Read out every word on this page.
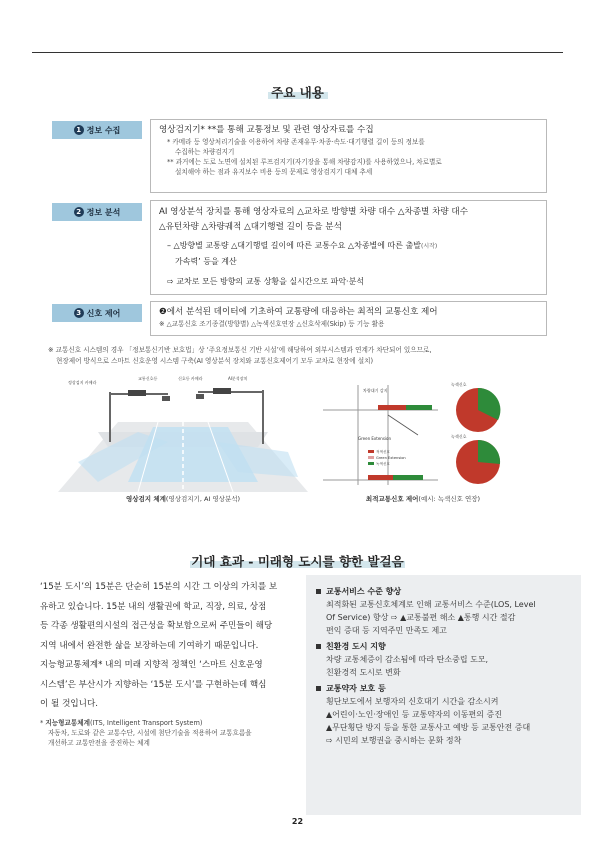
주요 내용
1 정보 수집	영상검지기* **를 통해 교통정보 및 관련 영상자료를 수집
* 카메라 등 영상처리기술을 이용하여 차량 존재유무·차종·속도·대기행렬 길이 등의 정보를
수집하는 차량검지기
** 과거에는 도로 노면에 설치된 루프검지기(자기장을 통해 차량감지)를 사용하였으나, 차로별로
설치해야 하는 점과 유지보수 비용 등의 문제로 영상검지기 대체 추세
2 정보 분석	AI 영상분석 장치를 통해 영상자료의 △교차로 방향별 차량 대수 △차종별 차량 대수
△유턴차량 △차량궤적 △대기행렬 길이 등을 분석
– △방향별 교통량 △대기행렬 길이에 따른 교통수요 △차종별에 따른 출발(시작)
가속력’ 등을 계산
⇨ 교차로 모든 방향의 교통 상황을 실시간으로 파악·분석
3 신호 제어	❷에서 분석된 데이터에 기초하여 교통량에 대응하는 최적의 교통신호 제어
※ △교통신호 조기종결(방향별) △녹색신호연장 △신호삭제(Skip) 등 기능 활용
※ 교통신호 시스템의 경우 「정보통신기반 보호법」상 ‘주요정보통신 기반 시설’에 해당하여 외부시스템과 연계가 차단되어 있으므로,
현장제어 방식으로 스마트 신호운영 시스템 구축(AI 영상분석 장치와 교통신호제어기 모두 교차로 현장에 설치)
정상검지 카메라
교통신호등	신호등 카메라	AI분석장치
영상검지 체계(영상검지기, AI 영상분석)
차량대기 감지
Green Extension
적색신호
Green Extension
녹색신호
녹색신호
녹색신호
최적교통신호 제어(예시: 녹색신호 연장)
기대 효과 - 미래형 도시를 향한 발걸음
‘15분 도시’의 15분은 단순히 15분의 시간 그 이상의 가치를 보
유하고 있습니다. 15분 내의 생활권에 학교, 직장, 의료, 상점
등 각종 생활편의시설의 접근성을 확보함으로써 주민들이 해당
지역 내에서 완전한 삶을 보장하는데 기여하기 때문입니다.
지능형교통체계* 내의 미래 지향적 정책인 ‘스마트 신호운영
시스템’은 부산시가 지향하는 ‘15분 도시’를 구현하는데 핵심
이 될 것입니다.
* 지능형교통체계(ITS, Intelligent Transport System)
자동차, 도로와 같은 교통수단, 시설에 첨단기술을 적용하여 교통흐름을
개선하고 교통안전을 증진하는 체계
교통서비스 수준 향상
최적화된 교통신호체계로 인해 교통서비스 수준(LOS, Level
Of Service) 향상 ⇨ ▲교통불편 해소 ▲통행 시간 절감
편익 증대 등 지역주민 만족도 제고
친환경 도시 지향
차량 교통체증이 감소됨에 따라 탄소중립 도모,
친환경적 도시로 변화
교통약자 보호 등
횡단보도에서 보행자의 신호대기 시간을 감소시켜
▲어린이·노인·장애인 등 교통약자의 이동편의 증진
▲무단횡단 방지 등을 통한 교통사고 예방 등 교통안전 증대
⇨ 시민의 보행권을 중시하는 문화 정착
22
